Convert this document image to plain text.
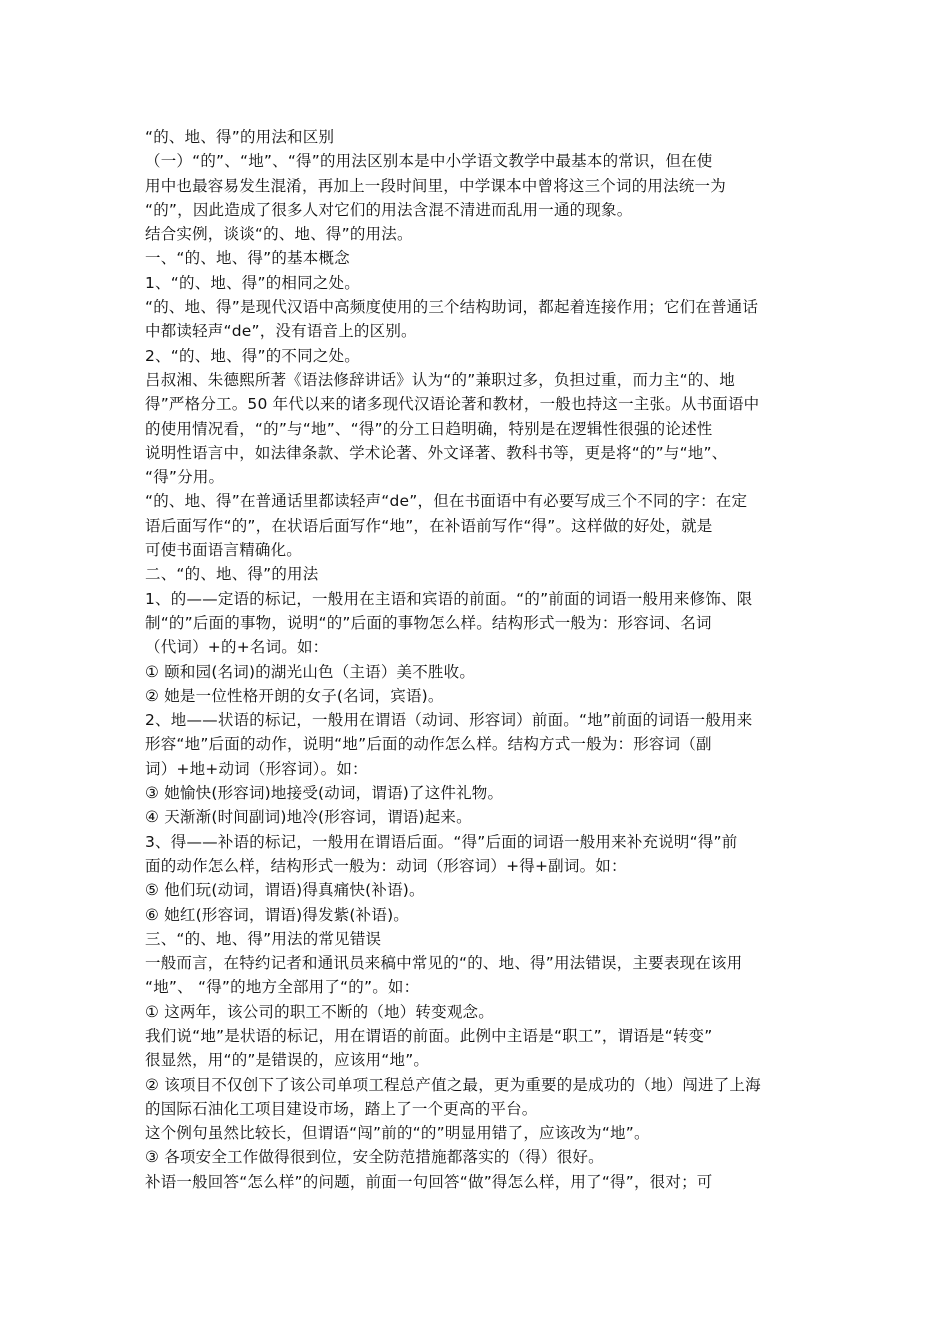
“的、地、得”的用法和区别
（一）“的”、“地”、“得”的用法区别本是中小学语文教学中最基本的常识，但在使
用中也最容易发生混淆，再加上一段时间里，中学课本中曾将这三个词的用法统一为
“的”，因此造成了很多人对它们的用法含混不清进而乱用一通的现象。
结合实例，谈谈“的、地、得”的用法。
一、“的、地、得”的基本概念
1、“的、地、得”的相同之处。
“的、地、得”是现代汉语中高频度使用的三个结构助词，都起着连接作用；它们在普通话
中都读轻声“de”，没有语音上的区别。
2、“的、地、得”的不同之处。
吕叔湘、朱德熙所著《语法修辞讲话》认为“的”兼职过多，负担过重，而力主“的、地
得”严格分工。50 年代以来的诸多现代汉语论著和教材，一般也持这一主张。从书面语中
的使用情况看，“的”与“地”、“得”的分工日趋明确，特别是在逻辑性很强的论述性
说明性语言中，如法律条款、学术论著、外文译著、教科书等，更是将“的”与“地”、
“得”分用。
“的、地、得”在普通话里都读轻声“de”，但在书面语中有必要写成三个不同的字：在定
语后面写作“的”，在状语后面写作“地”，在补语前写作“得”。这样做的好处，就是
可使书面语言精确化。
二、“的、地、得”的用法
1、的——定语的标记，一般用在主语和宾语的前面。“的”前面的词语一般用来修饰、限
制“的”后面的事物，说明“的”后面的事物怎么样。结构形式一般为：形容词、名词
（代词）+的+名词。如：
① 颐和园(名词)的湖光山色（主语）美不胜收。
② 她是一位性格开朗的女子(名词，宾语)。
2、地——状语的标记，一般用在谓语（动词、形容词）前面。“地”前面的词语一般用来
形容“地”后面的动作，说明“地”后面的动作怎么样。结构方式一般为：形容词（副
词）+地+动词（形容词）。如：
③ 她愉快(形容词)地接受(动词，谓语)了这件礼物。
④ 天渐渐(时间副词)地冷(形容词，谓语)起来。
3、得——补语的标记，一般用在谓语后面。“得”后面的词语一般用来补充说明“得”前
面的动作怎么样，结构形式一般为：动词（形容词）+得+副词。如：
⑤ 他们玩(动词，谓语)得真痛快(补语)。
⑥ 她红(形容词，谓语)得发紫(补语)。
三、“的、地、得”用法的常见错误
一般而言，在特约记者和通讯员来稿中常见的“的、地、得”用法错误，主要表现在该用
“地”、 “得”的地方全部用了“的”。如：
① 这两年，该公司的职工不断的（地）转变观念。
我们说“地”是状语的标记，用在谓语的前面。此例中主语是“职工”，谓语是“转变”
很显然，用“的”是错误的，应该用“地”。
② 该项目不仅创下了该公司单项工程总产值之最，更为重要的是成功的（地）闯进了上海
的国际石油化工项目建设市场，踏上了一个更高的平台。
这个例句虽然比较长，但谓语“闯”前的“的”明显用错了，应该改为“地”。
③ 各项安全工作做得很到位，安全防范措施都落实的（得）很好。
补语一般回答“怎么样”的问题，前面一句回答“做”得怎么样，用了“得”，很对；可
